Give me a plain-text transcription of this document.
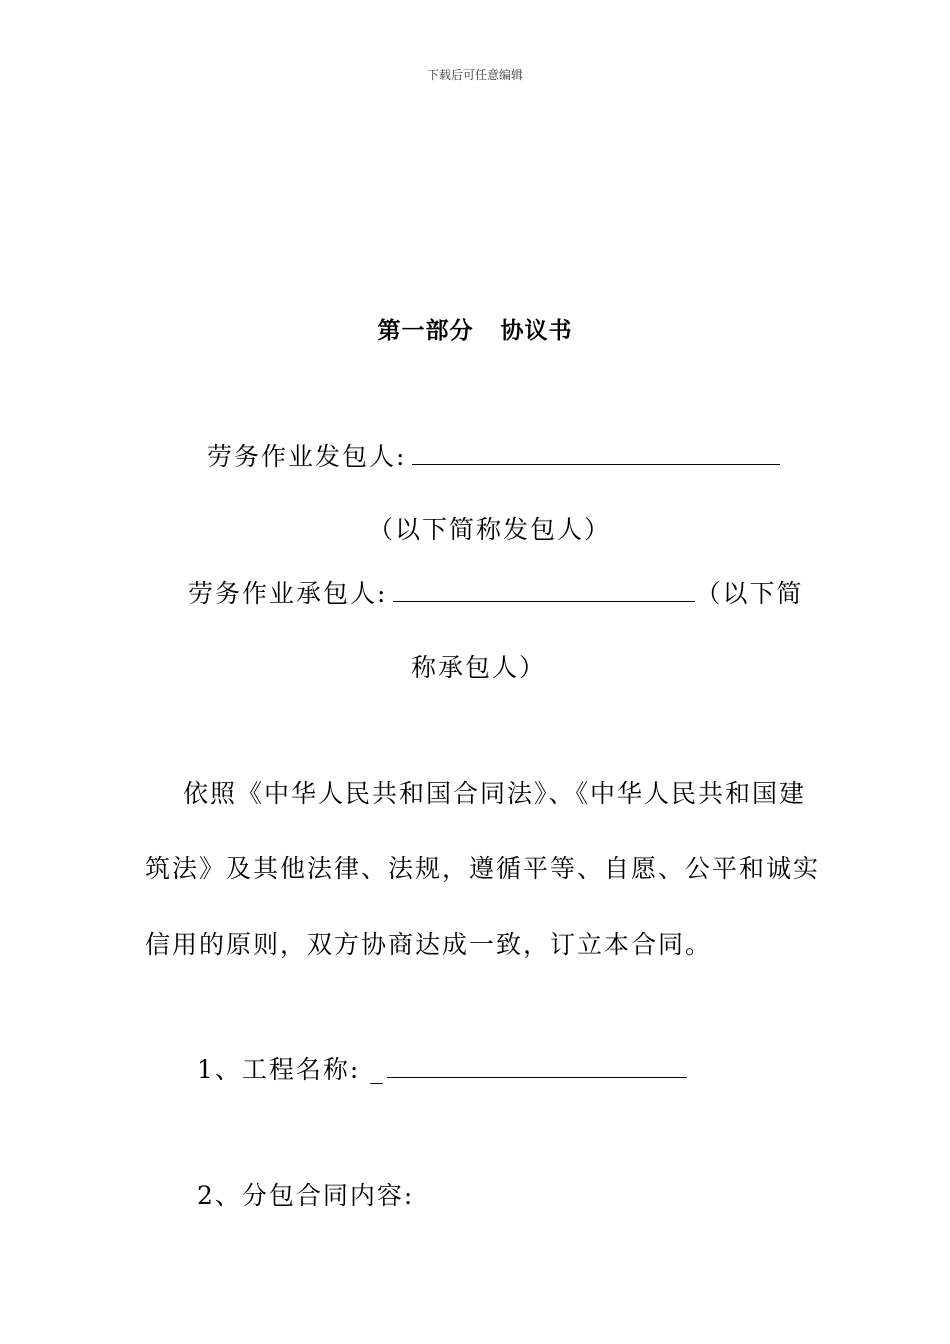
下载后可任意编辑
第一部分   协议书
劳务作业发包人:
（以下简称发包人）
劳务作业承包人:	（以下简
称承包人）
依照《中华人民共和国合同法》、《中华人民共和国建
筑法》及其他法律、法规，遵循平等、自愿、公平和诚实
信用的原则，双方协商达成一致，订立本合同。
1、工程名称: _
2、分包合同内容:
